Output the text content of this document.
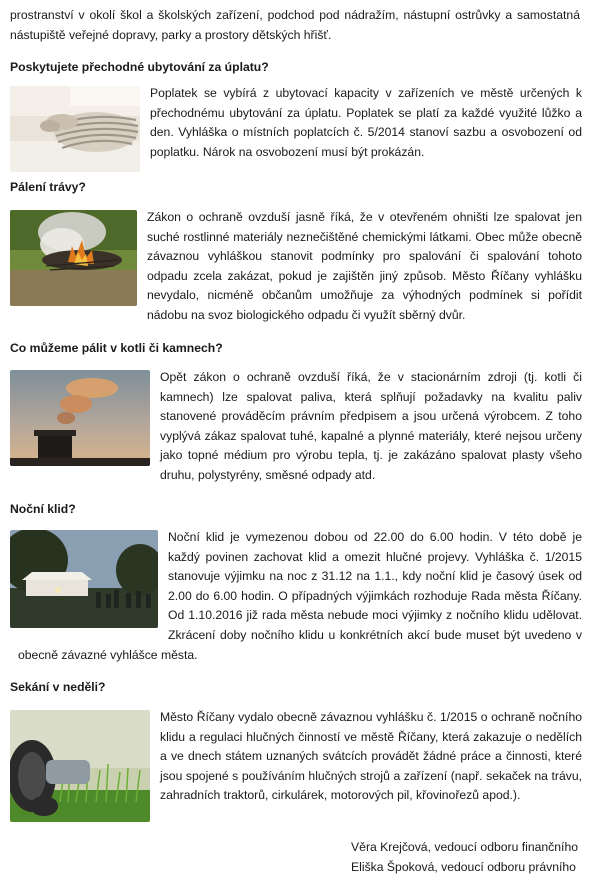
prostranství v okolí škol a školských zařízení, podchod pod nádražím, nástupní ostrůvky a samostatná nástupiště veřejné dopravy, parky a prostory dětských hřišť.

Poskytujete přechodné ubytování za úplatu?

Poplatek se vybírá z ubytovací kapacity v zařízeních ve městě určených k přechodnému ubytování za úplatu. Poplatek se platí za každé využité lůžko a den. Vyhláška o místních poplatcích č. 5/2014 stanoví sazbu a osvobození od poplatku. Nárok na osvobození musí být prokázán.

Pálení trávy?

Zákon o ochraně ovzduší jasně říká, že v otevřeném ohništi lze spalovat jen suché rostlinné materiály neznečištěné chemickými látkami. Obec může obecně závaznou vyhláškou stanovit podmínky pro spalování či spalování tohoto odpadu zcela zakázat, pokud je zajištěn jiný způsob. Město Říčany vyhlášku nevydalo, nicméně občanům umožňuje za výhodných podmínek si pořídit nádobu na svoz biologického odpadu či využít sběrný dvůr.

Co můžeme pálit v kotli či kamnech?

Opět zákon o ochraně ovzduší říká, že v stacionárním zdroji (tj. kotli či kamnech) lze spalovat paliva, která splňují požadavky na kvalitu paliv stanovené prováděcím právním předpisem a jsou určená výrobcem. Z toho vyplývá zákaz spalovat tuhé, kapalné a plynné materiály, které nejsou určeny jako topné médium pro výrobu tepla, tj. je zakázáno spalovat plasty všeho druhu, polystyrény, směsné odpady atd.

Noční klid?

Noční klid je vymezenou dobou od 22.00 do 6.00 hodin. V této době je každý povinen zachovat klid a omezit hlučné projevy. Vyhláška č. 1/2015 stanovuje výjimku na noc z 31.12 na 1.1., kdy noční klid je časový úsek od 2.00 do 6.00 hodin. O případných výjimkách rozhoduje Rada města Říčany. Od 1.10.2016 již rada města nebude moci výjimky z nočního klidu udělovat. Zkrácení doby nočního klidu u konkrétních akcí bude muset být uvedeno v obecně závazné vyhlášce města.

Sekání v neděli?

Město Říčany vydalo obecně závaznou vyhlášku č. 1/2015 o ochraně nočního klidu a regulaci hlučných činností ve městě Říčany, která zakazuje o nedělích a ve dnech státem uznaných svátcích provádět žádné práce a činnosti, které jsou spojené s používáním hlučných strojů a zařízení (např. sekaček na trávu, zahradních traktorů, cirkulárek, motorových pil, křovinořezů apod.).

Věra Krejčová, vedoucí odboru finančního
Eliška Špoková, vedoucí odboru právního
